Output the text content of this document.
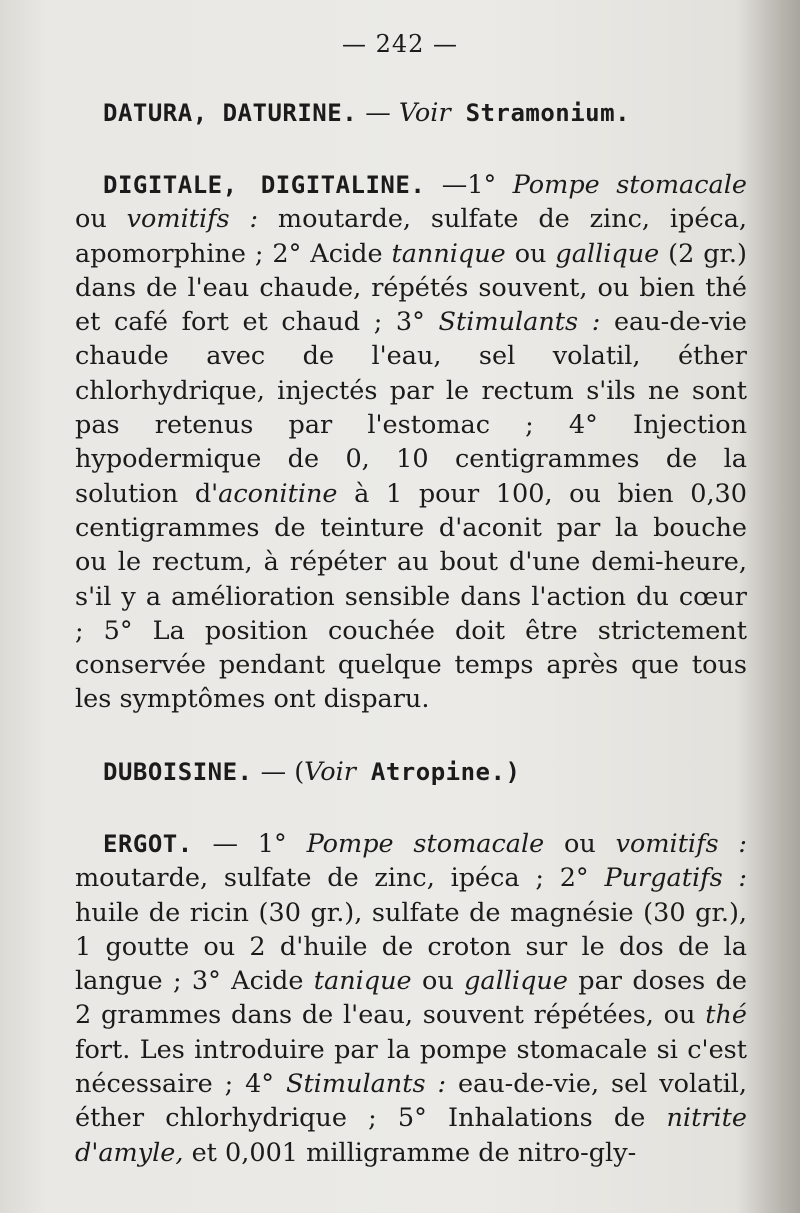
— 242 —
DATURA, DATURINE. — Voir Stramonium.
DIGITALE, DIGITALINE. —1° Pompe stomacale ou vomitifs : moutarde, sulfate de zinc, ipéca, apomorphine ; 2° Acide tannique ou gallique (2 gr.) dans de l'eau chaude, répétés souvent, ou bien thé et café fort et chaud ; 3° Stimulants : eau-de-vie chaude avec de l'eau, sel volatil, éther chlorhydrique, injectés par le rectum s'ils ne sont pas retenus par l'estomac ; 4° Injection hypodermique de 0, 10 centigrammes de la solution d'aconitine à 1 pour 100, ou bien 0,30 centigrammes de teinture d'aconit par la bouche ou le rectum, à répéter au bout d'une demi-heure, s'il y a amélioration sensible dans l'action du cœur ; 5° La position couchée doit être strictement conservée pendant quelque temps après que tous les symptômes ont disparu.
DUBOISINE. — (Voir Atropine.)
ERGOT. — 1° Pompe stomacale ou vomitifs : moutarde, sulfate de zinc, ipéca ; 2° Purgatifs : huile de ricin (30 gr.), sulfate de magnésie (30 gr.), 1 goutte ou 2 d'huile de croton sur le dos de la langue ; 3° Acide tanique ou gallique par doses de 2 grammes dans de l'eau, souvent répétées, ou thé fort. Les introduire par la pompe stomacale si c'est nécessaire ; 4° Stimulants : eau-de-vie, sel volatil, éther chlorhydrique ; 5° Inhalations de nitrite d'amyle, et 0,001 milligramme de nitro-gly-
